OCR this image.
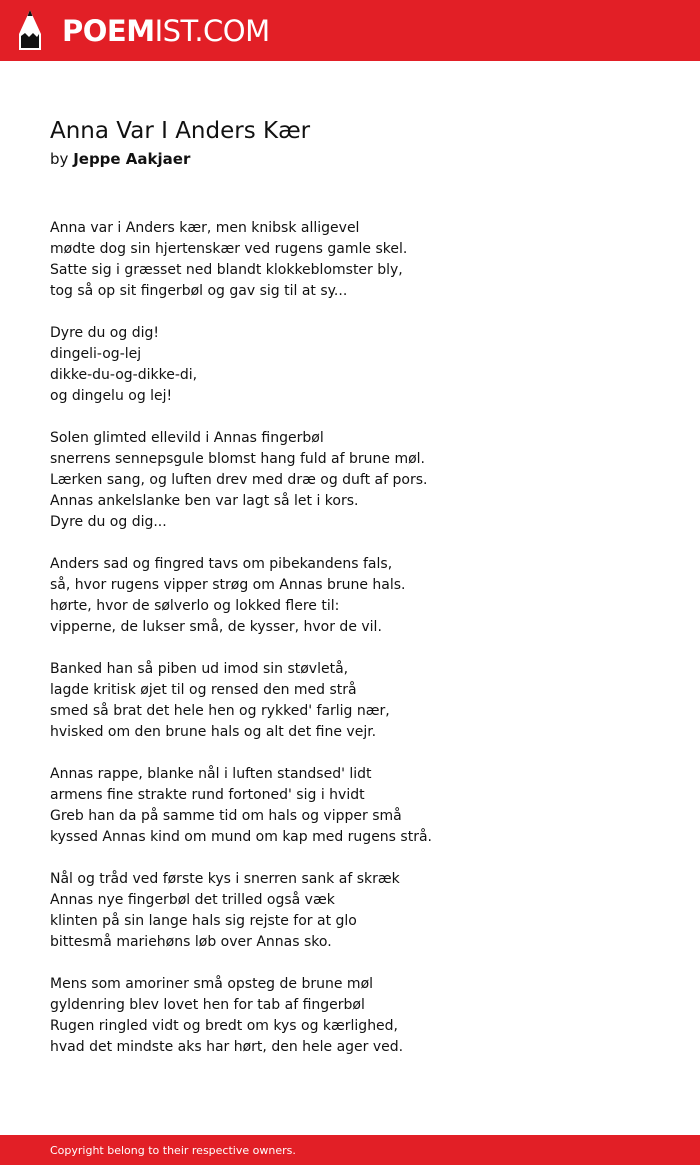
POEMIST.COM
Anna Var I Anders Kær
by Jeppe Aakjaer
Anna var i Anders kær, men knibsk alligevel
mødte dog sin hjertenskær ved rugens gamle skel.
Satte sig i græsset ned blandt klokkeblomster bly,
tog så op sit fingerbøl og gav sig til at sy...
Dyre du og dig!
dingeli-og-lej
dikke-du-og-dikke-di,
og dingelu og lej!
Solen glimted ellevild i Annas fingerbøl
snerrens sennepsgule blomst hang fuld af brune møl.
Lærken sang, og luften drev med dræ og duft af pors.
Annas ankelslanke ben var lagt så let i kors.
Dyre du og dig...
Anders sad og fingred tavs om pibekandens fals,
så, hvor rugens vipper strøg om Annas brune hals.
hørte, hvor de sølverlo og lokked flere til:
vipperne, de lukser små, de kysser, hvor de vil.
Banked han så piben ud imod sin støvletå,
lagde kritisk øjet til og rensed den med strå
smed så brat det hele hen og rykked' farlig nær,
hvisked om den brune hals og alt det fine vejr.
Annas rappe, blanke nål i luften standsed' lidt
armens fine strakte rund fortoned' sig i hvidt
Greb han da på samme tid om hals og vipper små
kyssed Annas kind om mund om kap med rugens strå.
Nål og tråd ved første kys i snerren sank af skræk
Annas nye fingerbøl det trilled også væk
klinten på sin lange hals sig rejste for at glo
bittesmå mariehøns løb over Annas sko.
Mens som amoriner små opsteg de brune møl
gyldenring blev lovet hen for tab af fingerbøl
Rugen ringled vidt og bredt om kys og kærlighed,
hvad det mindste aks har hørt, den hele ager ved.
Copyright belong to their respective owners.
